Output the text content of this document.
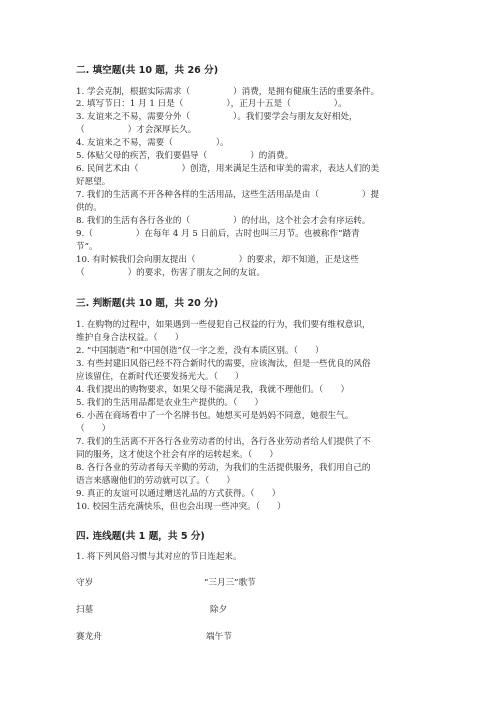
二. 填空题(共 10 题，共 26 分)
1. 学会克制，根据实际需求（　　　　　）消费，是拥有健康生活的重要条件。
2. 填写节日：1 月 1 日是（　　　　　），正月十五是（　　　　　）。
3. 友谊来之不易，需要分外（　　　　　）。我们要学会与朋友友好相处，
（　　　　　）才会深厚长久。
4. 友谊来之不易，需要（　　　　　）。
5. 体贴父母的疾苦，我们要倡导（　　　　　）的消费。
6. 民间艺术由（　　　　　）创造，用来满足生活和审美的需求，表达人们的美
好愿望。
7. 我们的生活离不开各种各样的生活用品，这些生活用品是由（　　　　　）提
供的。
8. 我们的生活有各行各业的（　　　　　）的付出，这个社会才会有序运转。
9.（　　　　　）在每年 4 月 5 日前后，古时也叫三月节。也被称作“踏青
节”。
10. 有时候我们会向朋友提出（　　　　　）的要求，却不知道，正是这些
（　　　　　）的要求，伤害了朋友之间的友谊。
三. 判断题(共 10 题，共 20 分)
1. 在购物的过程中，如果遇到一些侵犯自己权益的行为，我们要有维权意识，
维护自身合法权益。（　　）
2. “中国制造”和“中国创造”仅一字之差，没有本质区别。（　　）
3. 有些封建旧风俗已经不符合新时代的需要，应该淘汰，但是一些优良的风俗
应该留住，在新时代还要发扬光大。（　　）
4. 我们提出的购物要求，如果父母不能满足我，我就不理他们。（　　）
5. 我们的生活用品都是农业生产提供的。（　　）
6. 小茜在商场看中了一个名牌书包。她想买可是妈妈不同意，她很生气。
（　　）
7. 我们的生活离不开各行各业劳动者的付出，各行各业劳动者给人们提供了不
同的服务，这才使这个社会有序的运转起来。（　　）
8. 各行各业的劳动者每天辛勤的劳动，为我们的生活提供服务，我们用自己的
语言来感谢他们的劳动就可以了。（　　）
9. 真正的友谊可以通过赠送礼品的方式获得。（　　）
10. 校园生活充满快乐，但也会出现一些冲突。（　　）
四. 连线题(共 1 题，共 5 分)
1. 将下列风俗习惯与其对应的节日连起来。
守岁	“三月三”歌节
扫墓	除夕
赛龙舟	端午节
